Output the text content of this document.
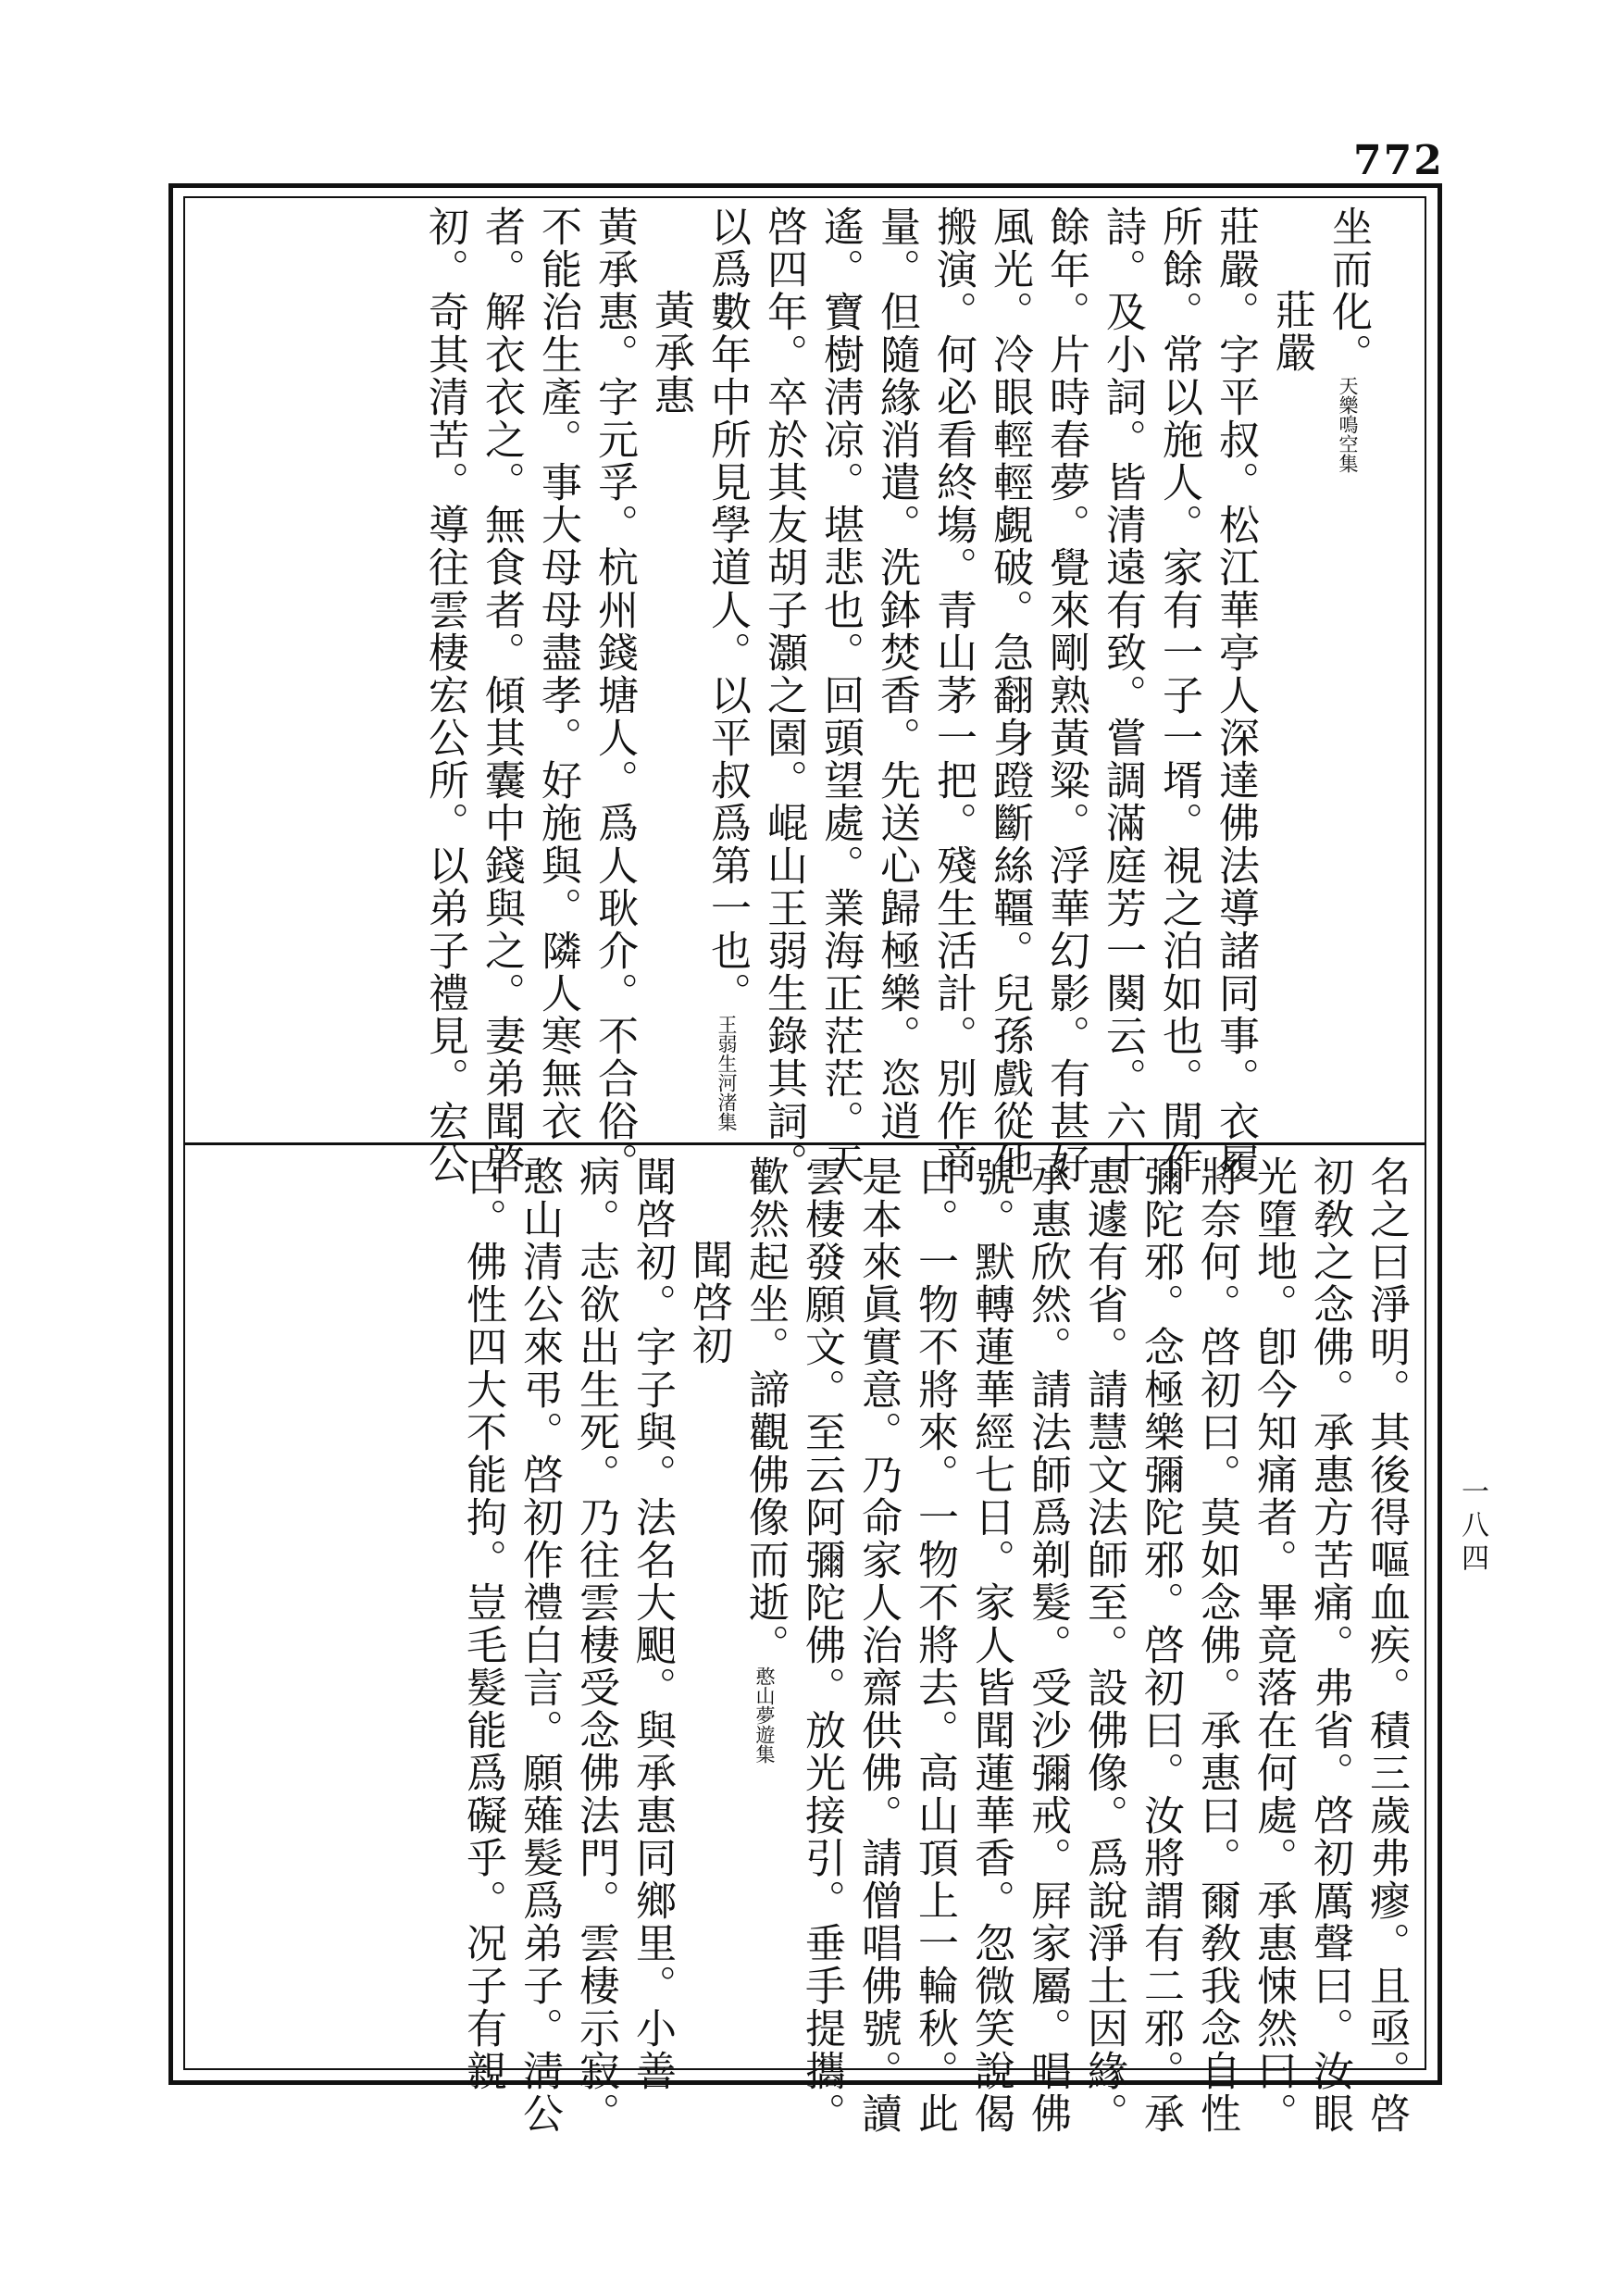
772
一八四
坐而化。天樂鳴空集
莊嚴
莊嚴。字平叔。松江華亭人深達佛法導諸同事。衣履
所餘。常以施人。家有一子一壻。視之泊如也。閒作
詩。及小詞。皆清遠有致。嘗調滿庭芳一闋云。六十
餘年。片時春夢。覺來剛熟黃粱。浮華幻影。有甚好
風光。冷眼輕輕覷破。急翻身蹬斷絲韁。兒孫戲從他
搬演。何必看終塲。青山茅一把。殘生活計。別作商
量。但隨緣消遣。洗鉢焚香。先送心歸極樂。恣逍
遙。寶樹淸凉。堪悲也。回頭望處。業海正茫茫。天
啓四年。卒於其友胡子灝之園。崐山王弱生錄其詞。
以爲數年中所見學道人。以平叔爲第一也。王弱生河渚集
黃承惠
黃承惠。字元孚。杭州錢塘人。爲人耿介。不合俗。
不能治生產。事大母母盡孝。好施與。隣人寒無衣
者。解衣衣之。無食者。傾其囊中錢與之。妻弟聞啓
初。奇其清苦。導往雲棲宏公所。以弟子禮見。宏公
名之曰淨明。其後得嘔血疾。積三歲弗瘳。且亟。啓
初敎之念佛。承惠方苦痛。弗省。啓初厲聲曰。汝眼
光墮地。卽今知痛者。畢竟落在何處。承惠悚然曰。
將奈何。啓初曰。莫如念佛。承惠曰。爾敎我念自性
彌陀邪。念極樂彌陀邪。啓初曰。汝將謂有二邪。承
惠遽有省。請慧文法師至。設佛像。爲說淨土因緣。
承惠欣然。請法師爲剃髮。受沙彌戒。屛家屬。唱佛
號。默轉蓮華經七日。家人皆聞蓮華香。忽微笑說偈
曰。一物不將來。一物不將去。高山頂上一輪秋。此
是本來眞實意。乃命家人治齋供佛。請僧唱佛號。讀
雲棲發願文。至云阿彌陀佛。放光接引。垂手提攜。
歡然起坐。諦觀佛像而逝。憨山夢遊集
聞啓初
聞啓初。字子與。法名大䫻。與承惠同鄉里。小善
病。志欲出生死。乃往雲棲受念佛法門。雲棲示寂。
憨山清公來弔。啓初作禮白言。願薙髮爲弟子。淸公
曰。佛性四大不能拘。豈毛髮能爲礙乎。况子有親
